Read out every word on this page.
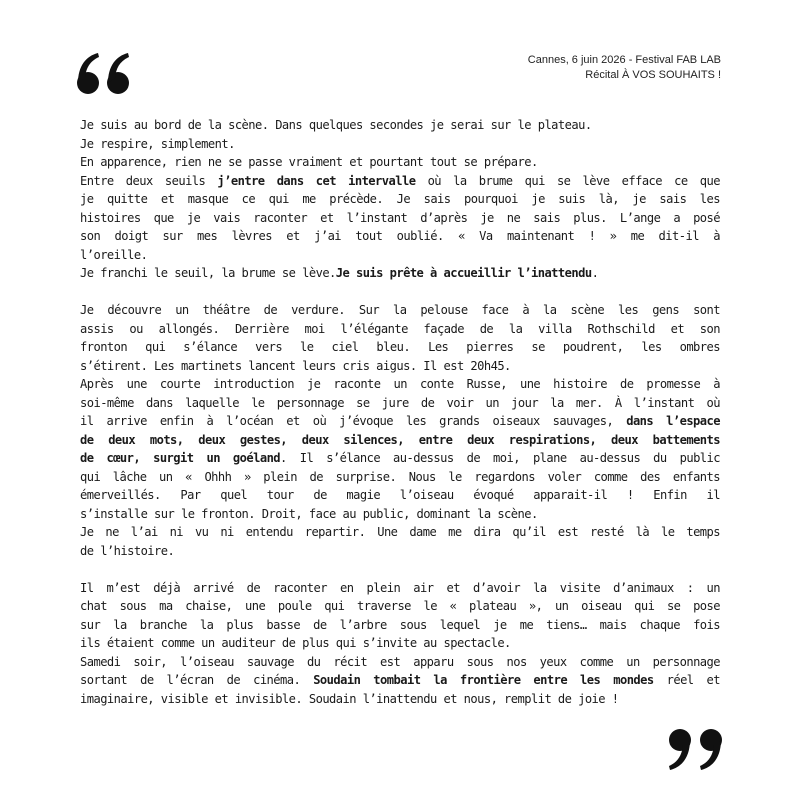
Cannes, 6 juin 2026 - Festival FAB LAB
Récital À VOS SOUHAITS !
Je suis au bord de la scène. Dans quelques secondes je serai sur le plateau.
Je respire, simplement.
En apparence, rien ne se passe vraiment et pourtant tout se prépare.
Entre deux seuils j’entre dans cet intervalle où la brume qui se lève efface ce que
je quitte et masque ce qui me précède. Je sais pourquoi je suis là, je sais les
histoires que je vais raconter et l’instant d’après je ne sais plus. L’ange a posé
son doigt sur mes lèvres et j’ai tout oublié. « Va maintenant ! » me dit-il à
l’oreille.
Je franchi le seuil, la brume se lève.Je suis prête à accueillir l’inattendu.
Je découvre un théâtre de verdure. Sur la pelouse face à la scène les gens sont
assis ou allongés. Derrière moi l’élégante façade de la villa Rothschild et son
fronton qui s’élance vers le ciel bleu. Les pierres se poudrent, les ombres
s’étirent. Les martinets lancent leurs cris aigus. Il est 20h45.
Après une courte introduction je raconte un conte Russe, une histoire de promesse à
soi-même dans laquelle le personnage se jure de voir un jour la mer. À l’instant où
il arrive enfin à l’océan et où j’évoque les grands oiseaux sauvages, dans l’espace
de deux mots, deux gestes, deux silences, entre deux respirations, deux battements
de cœur, surgit un goéland. Il s’élance au-dessus de moi, plane au-dessus du public
qui lâche un « Ohhh » plein de surprise. Nous le regardons voler comme des enfants
émerveillés. Par quel tour de magie l’oiseau évoqué apparait-il ! Enfin il
s’installe sur le fronton. Droit, face au public, dominant la scène.
Je ne l’ai ni vu ni entendu repartir. Une dame me dira qu’il est resté là le temps
de l’histoire.
Il m’est déjà arrivé de raconter en plein air et d’avoir la visite d’animaux : un
chat sous ma chaise, une poule qui traverse le « plateau », un oiseau qui se pose
sur la branche la plus basse de l’arbre sous lequel je me tiens… mais chaque fois
ils étaient comme un auditeur de plus qui s’invite au spectacle.
Samedi soir, l’oiseau sauvage du récit est apparu sous nos yeux comme un personnage
sortant de l’écran de cinéma. Soudain tombait la frontière entre les mondes réel et
imaginaire, visible et invisible. Soudain l’inattendu et nous, remplit de joie !
